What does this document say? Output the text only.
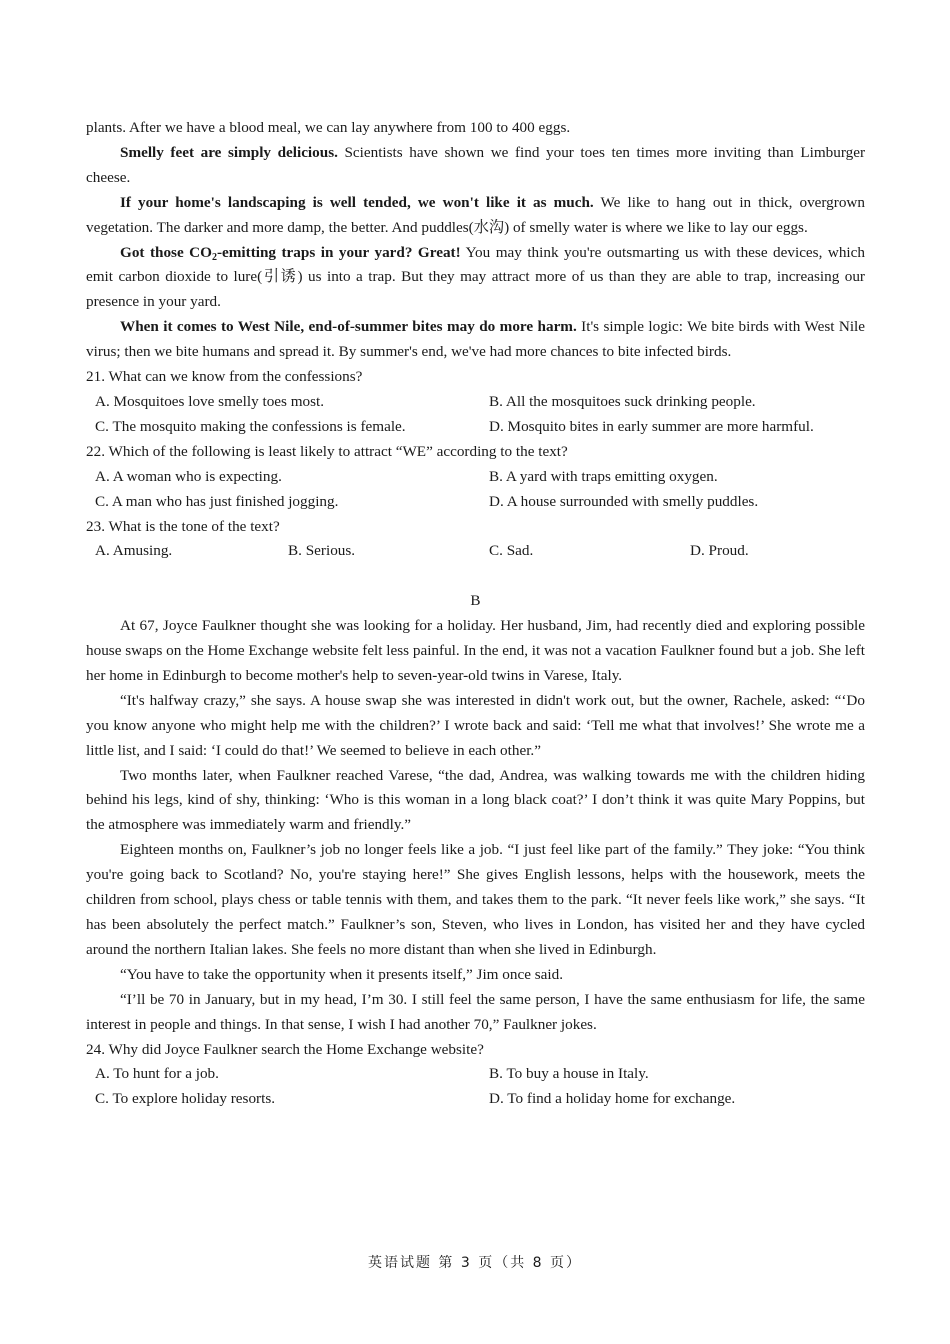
plants. After we have a blood meal, we can lay anywhere from 100 to 400 eggs.

Smelly feet are simply delicious. Scientists have shown we find your toes ten times more inviting than Limburger cheese.

If your home's landscaping is well tended, we won't like it as much. We like to hang out in thick, overgrown vegetation. The darker and more damp, the better. And puddles(水沟) of smelly water is where we like to lay our eggs.

Got those $CO_2$-emitting traps in your yard? Great! You may think you're outsmarting us with these devices, which emit carbon dioxide to lure(引诱) us into a trap. But they may attract more of us than they are able to trap, increasing our presence in your yard.

When it comes to West Nile, end-of-summer bites may do more harm. It's simple logic: We bite birds with West Nile virus; then we bite humans and spread it. By summer's end, we've had more chances to bite infected birds.

21. What can we know from the confessions?

A. Mosquitoes love smelly toes most.	B. All the mosquitoes suck drinking people.
C. The mosquito making the confessions is female.	D. Mosquito bites in early summer are more harmful.

22. Which of the following is least likely to attract “WE” according to the text?

A. A woman who is expecting.	B. A yard with traps emitting oxygen.
C. A man who has just finished jogging.	D. A house surrounded with smelly puddles.

23. What is the tone of the text?

A. Amusing.	B. Serious.	C. Sad.	D. Proud.

B

At 67, Joyce Faulkner thought she was looking for a holiday. Her husband, Jim, had recently died and exploring possible house swaps on the Home Exchange website felt less painful. In the end, it was not a vacation Faulkner found but a job. She left her home in Edinburgh to become mother's help to seven-year-old twins in Varese, Italy.

“It's halfway crazy,” she says. A house swap she was interested in didn't work out, but the owner, Rachele, asked: “‘Do you know anyone who might help me with the children?’ I wrote back and said: ‘Tell me what that involves!’ She wrote me a little list, and I said: ‘I could do that!’ We seemed to believe in each other.”

Two months later, when Faulkner reached Varese, “the dad, Andrea, was walking towards me with the children hiding behind his legs, kind of shy, thinking: ‘Who is this woman in a long black coat?’ I don’t think it was quite Mary Poppins, but the atmosphere was immediately warm and friendly.”

Eighteen months on, Faulkner’s job no longer feels like a job. “I just feel like part of the family.” They joke: “You think you're going back to Scotland? No, you're staying here!” She gives English lessons, helps with the housework, meets the children from school, plays chess or table tennis with them, and takes them to the park. “It never feels like work,” she says. “It has been absolutely the perfect match.” Faulkner’s son, Steven, who lives in London, has visited her and they have cycled around the northern Italian lakes. She feels no more distant than when she lived in Edinburgh.

“You have to take the opportunity when it presents itself,” Jim once said.

“I’ll be 70 in January, but in my head, I’m 30. I still feel the same person, I have the same enthusiasm for life, the same interest in people and things. In that sense, I wish I had another 70,” Faulkner jokes.

24. Why did Joyce Faulkner search the Home Exchange website?

A. To hunt for a job.	B. To buy a house in Italy.
C. To explore holiday resorts.	D. To find a holiday home for exchange.
英语试题 第 3 页（共 8 页）
